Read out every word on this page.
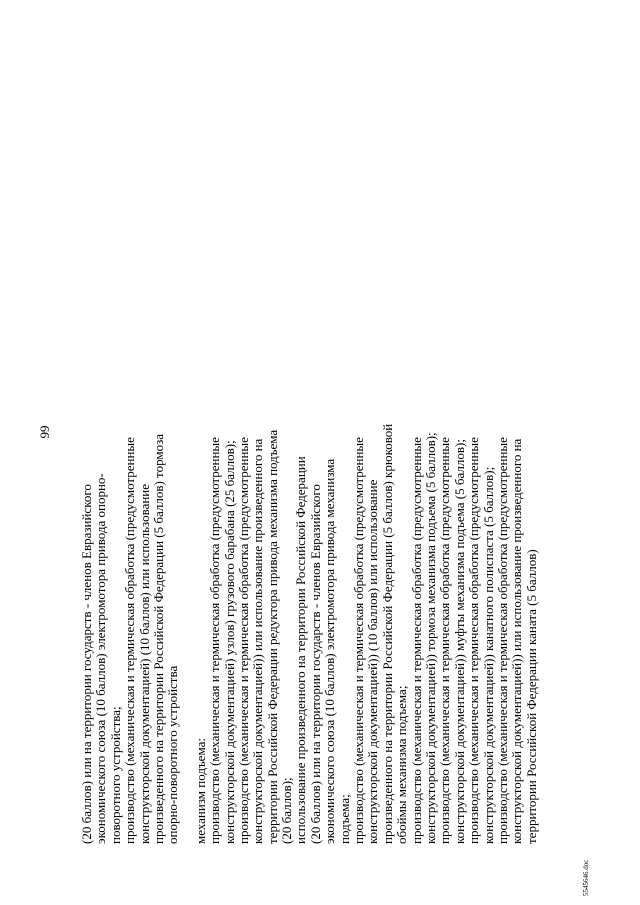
99
(20 баллов) или на территории государств - членов Евразийского экономического союза (10 баллов) электромотора привода опорно- поворотного устройства; производство (механическая и термическая обработка (предусмотренные конструкторской документацией) (10 баллов) или использование произведенного на территории Российской Федерации (5 баллов) тормоза опорно-поворотного устройства механизм подъема: производство (механическая и термическая обработка (предусмотренные конструкторской документацией) узлов) грузового барабана (25 баллов); производство (механическая и термическая обработка (предусмотренные конструкторской документацией)) или использование произведенного на территории Российской Федерации редуктора привода механизма подъема (20 баллов); использование произведенного на территории Российской Федерации (20 баллов) или на территории государств - членов Евразийского экономического союза (10 баллов) электромотора привода механизма подъема; производство (механическая и термическая обработка (предусмотренные конструкторской документацией)) (10 баллов) или использование произведенного на территории Российской Федерации (5 баллов) крюковой обоймы механизма подъема; производство (механическая и термическая обработка (предусмотренные конструкторской документацией)) тормоза механизма подъема (5 баллов); производство (механическая и термическая обработка (предусмотренные конструкторской документацией)) муфты механизма подъема (5 баллов); производство (механическая и термическая обработка (предусмотренные конструкторской документацией)) канатного полиспаста (5 баллов); производство (механическая и термическая обработка (предусмотренные конструкторской документацией)) или использование произведенного на территории Российской Федерации каната (5 баллов)
5545646.doc
